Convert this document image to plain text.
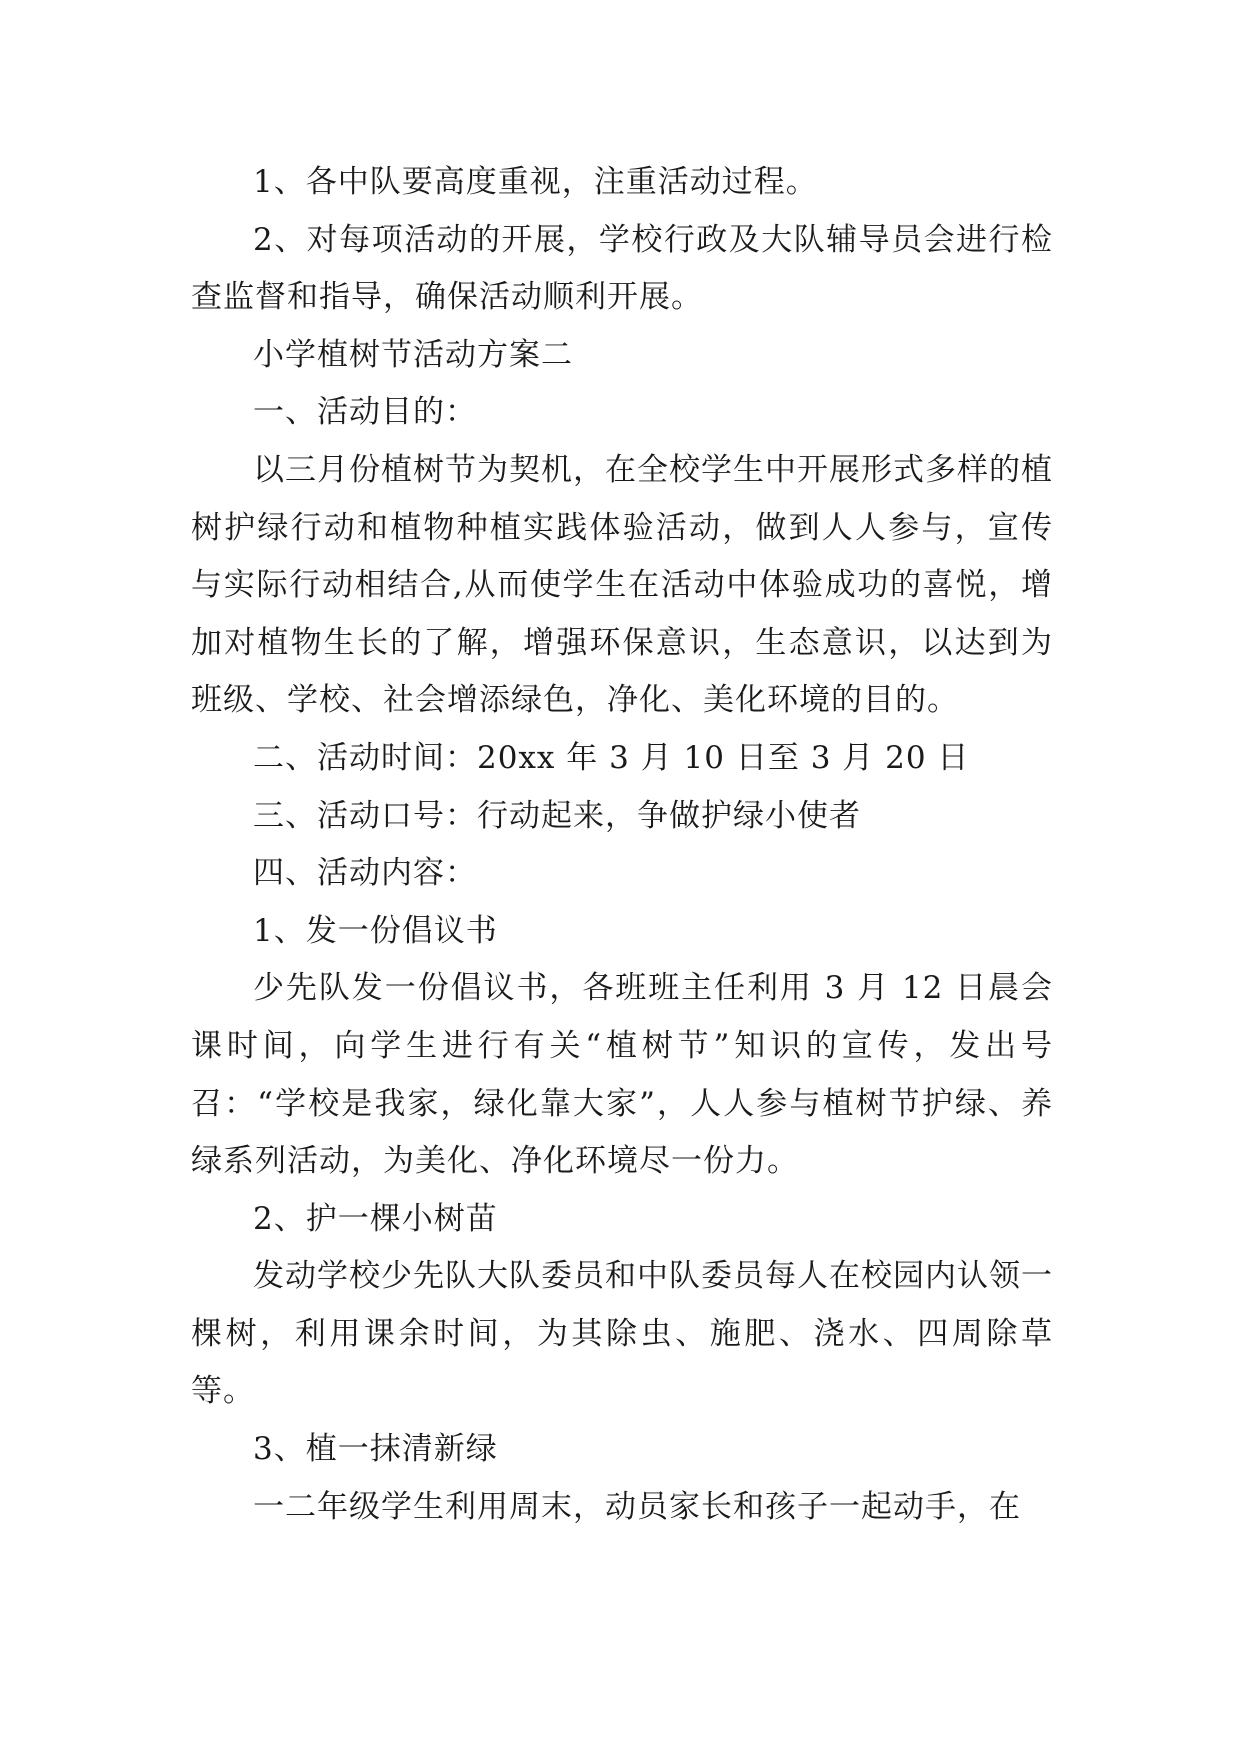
1、各中队要高度重视，注重活动过程。

2、对每项活动的开展，学校行政及大队辅导员会进行检查监督和指导，确保活动顺利开展。

小学植树节活动方案二

一、活动目的：

以三月份植树节为契机，在全校学生中开展形式多样的植树护绿行动和植物种植实践体验活动，做到人人参与，宣传与实际行动相结合,从而使学生在活动中体验成功的喜悦，增加对植物生长的了解，增强环保意识，生态意识，以达到为班级、学校、社会增添绿色，净化、美化环境的目的。

二、活动时间：20xx 年 3 月 10 日至 3 月 20 日

三、活动口号：行动起来，争做护绿小使者

四、活动内容：

1、发一份倡议书

少先队发一份倡议书，各班班主任利用 3 月 12 日晨会课时间，向学生进行有关“植树节”知识的宣传，发出号召：“学校是我家，绿化靠大家”，人人参与植树节护绿、养绿系列活动，为美化、净化环境尽一份力。

2、护一棵小树苗

发动学校少先队大队委员和中队委员每人在校园内认领一棵树，利用课余时间，为其除虫、施肥、浇水、四周除草等。

3、植一抹清新绿

一二年级学生利用周末，动员家长和孩子一起动手，在
